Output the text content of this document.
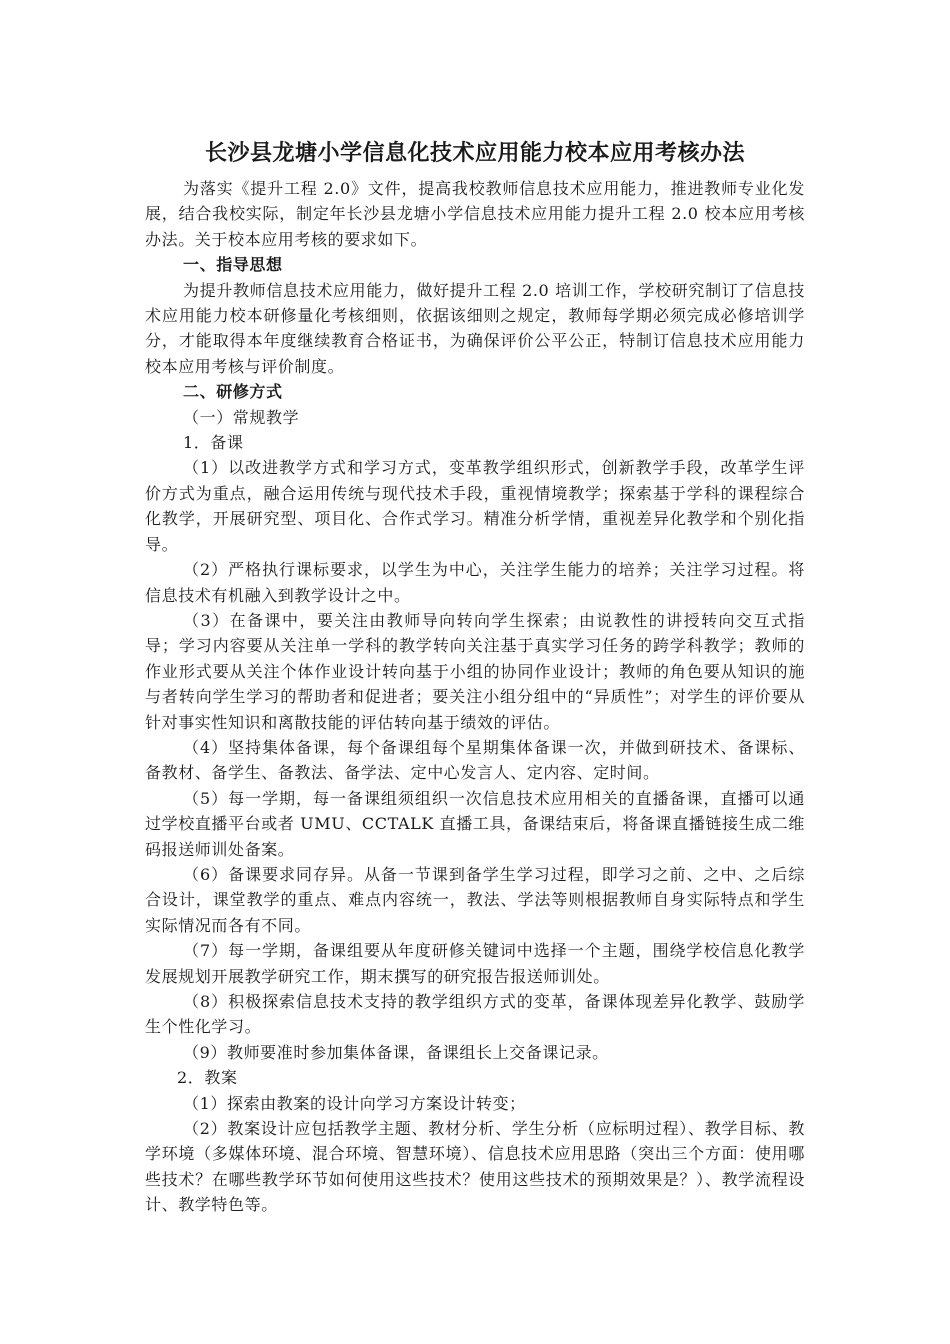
长沙县龙塘小学信息化技术应用能力校本应用考核办法

为落实《提升工程 2.0》文件，提高我校教师信息技术应用能力，推进教师专业化发展，结合我校实际，制定年长沙县龙塘小学信息技术应用能力提升工程 2.0 校本应用考核办法。关于校本应用考核的要求如下。

一、指导思想

为提升教师信息技术应用能力，做好提升工程 2.0 培训工作，学校研究制订了信息技术应用能力校本研修量化考核细则，依据该细则之规定，教师每学期必须完成必修培训学分，才能取得本年度继续教育合格证书，为确保评价公平公正，特制订信息技术应用能力校本应用考核与评价制度。

二、研修方式

（一）常规教学

1．备课

（1）以改进教学方式和学习方式，变革教学组织形式，创新教学手段，改革学生评价方式为重点，融合运用传统与现代技术手段，重视情境教学；探索基于学科的课程综合化教学，开展研究型、项目化、合作式学习。精准分析学情，重视差异化教学和个别化指导。

（2）严格执行课标要求，以学生为中心，关注学生能力的培养；关注学习过程。将信息技术有机融入到教学设计之中。

（3）在备课中，要关注由教师导向转向学生探索；由说教性的讲授转向交互式指导；学习内容要从关注单一学科的教学转向关注基于真实学习任务的跨学科教学；教师的作业形式要从关注个体作业设计转向基于小组的协同作业设计；教师的角色要从知识的施与者转向学生学习的帮助者和促进者；要关注小组分组中的“异质性”；对学生的评价要从针对事实性知识和离散技能的评估转向基于绩效的评估。

（4）坚持集体备课，每个备课组每个星期集体备课一次，并做到研技术、备课标、备教材、备学生、备教法、备学法、定中心发言人、定内容、定时间。

（5）每一学期，每一备课组须组织一次信息技术应用相关的直播备课，直播可以通过学校直播平台或者 UMU、CCTALK 直播工具，备课结束后，将备课直播链接生成二维码报送师训处备案。

（6）备课要求同存异。从备一节课到备学生学习过程，即学习之前、之中、之后综合设计，课堂教学的重点、难点内容统一，教法、学法等则根据教师自身实际特点和学生实际情况而各有不同。

（7）每一学期，备课组要从年度研修关键词中选择一个主题，围绕学校信息化教学发展规划开展教学研究工作，期末撰写的研究报告报送师训处。

（8）积极探索信息技术支持的教学组织方式的变革，备课体现差异化教学、鼓励学生个性化学习。

（9）教师要准时参加集体备课，备课组长上交备课记录。

2．教案

（1）探索由教案的设计向学习方案设计转变；

（2）教案设计应包括教学主题、教材分析、学生分析（应标明过程）、教学目标、教学环境（多媒体环境、混合环境、智慧环境）、信息技术应用思路（突出三个方面：使用哪些技术？在哪些教学环节如何使用这些技术？使用这些技术的预期效果是？）、教学流程设计、教学特色等。
